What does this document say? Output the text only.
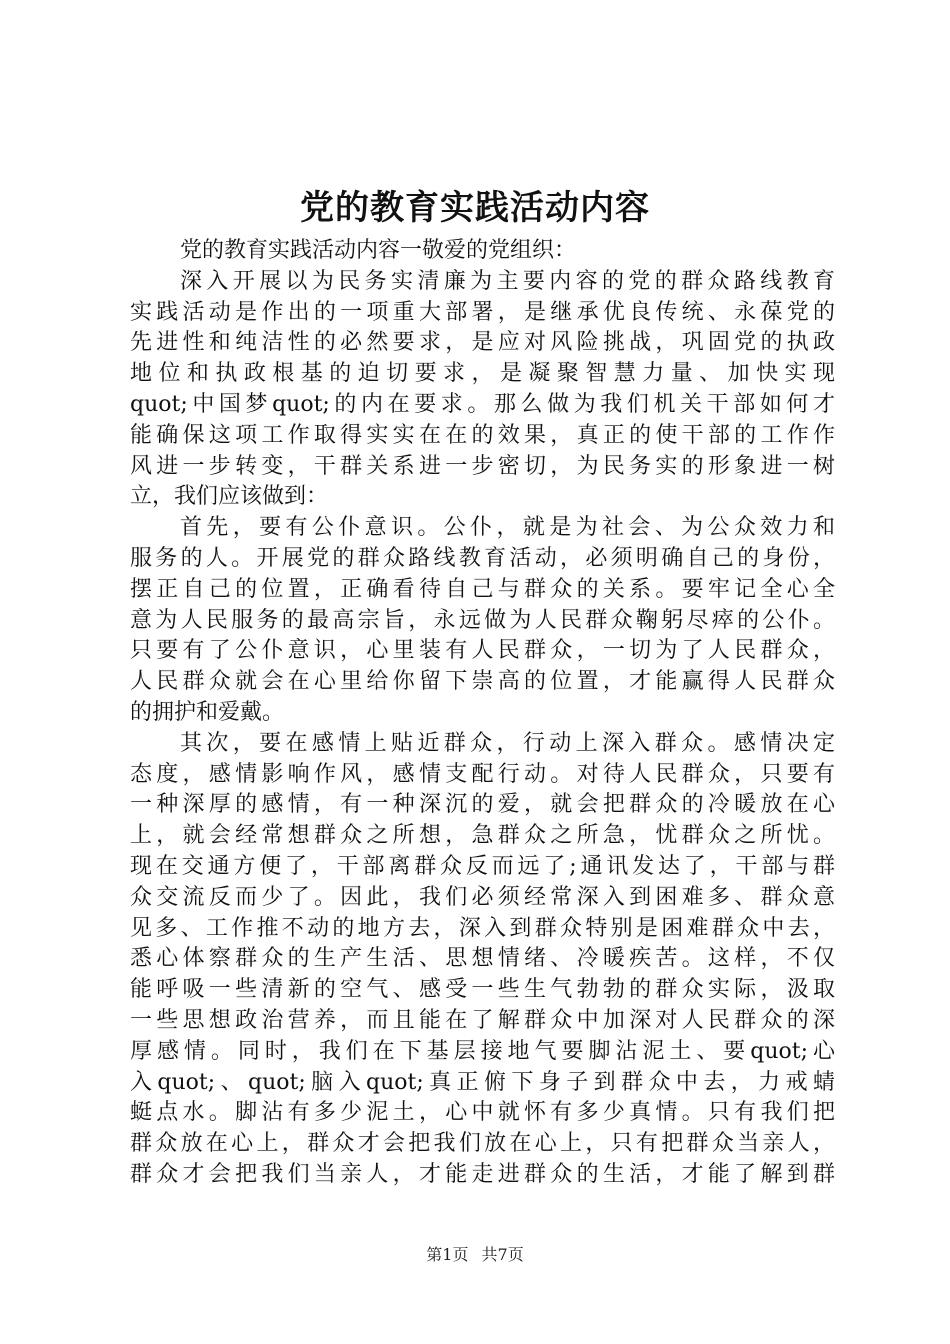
党的教育实践活动内容
党的教育实践活动内容一敬爱的党组织：
深入开展以为民务实清廉为主要内容的党的群众路线教育
实践活动是作出的一项重大部署，是继承优良传统、永葆党的
先进性和纯洁性的必然要求，是应对风险挑战，巩固党的执政
地位和执政根基的迫切要求，是凝聚智慧力量、加快实现
quot;中国梦quot;的内在要求。那么做为我们机关干部如何才
能确保这项工作取得实实在在的效果，真正的使干部的工作作
风进一步转变，干群关系进一步密切，为民务实的形象进一树
立，我们应该做到：
首先，要有公仆意识。公仆，就是为社会、为公众效力和
服务的人。开展党的群众路线教育活动，必须明确自己的身份，
摆正自己的位置，正确看待自己与群众的关系。要牢记全心全
意为人民服务的最高宗旨，永远做为人民群众鞠躬尽瘁的公仆。
只要有了公仆意识，心里装有人民群众，一切为了人民群众，
人民群众就会在心里给你留下崇高的位置，才能赢得人民群众
的拥护和爱戴。
其次，要在感情上贴近群众，行动上深入群众。感情决定
态度，感情影响作风，感情支配行动。对待人民群众，只要有
一种深厚的感情，有一种深沉的爱，就会把群众的冷暖放在心
上，就会经常想群众之所想，急群众之所急，忧群众之所忧。
现在交通方便了，干部离群众反而远了;通讯发达了，干部与群
众交流反而少了。因此，我们必须经常深入到困难多、群众意
见多、工作推不动的地方去，深入到群众特别是困难群众中去，
悉心体察群众的生产生活、思想情绪、冷暖疾苦。这样，不仅
能呼吸一些清新的空气、感受一些生气勃勃的群众实际，汲取
一些思想政治营养，而且能在了解群众中加深对人民群众的深
厚感情。同时，我们在下基层接地气要脚沾泥土、要quot;心
入quot;、quot;脑入quot;真正俯下身子到群众中去，力戒蜻
蜓点水。脚沾有多少泥土，心中就怀有多少真情。只有我们把
群众放在心上，群众才会把我们放在心上，只有把群众当亲人，
群众才会把我们当亲人，才能走进群众的生活，才能了解到群
第1页 共7页
